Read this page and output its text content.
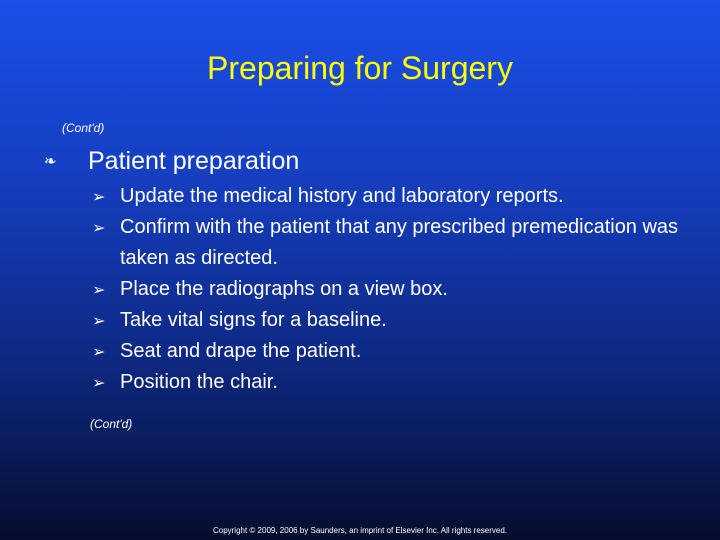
Preparing for Surgery
(Cont'd)
❧	Patient preparation
➢ Update the medical history and laboratory reports.
➢ Confirm with the patient that any prescribed premedication was taken as directed.
➢ Place the radiographs on a view box.
➢ Take vital signs for a baseline.
➢ Seat and drape the patient.
➢ Position the chair.
(Cont'd)
Copyright © 2009, 2006 by Saunders, an imprint of Elsevier Inc. All rights reserved.
